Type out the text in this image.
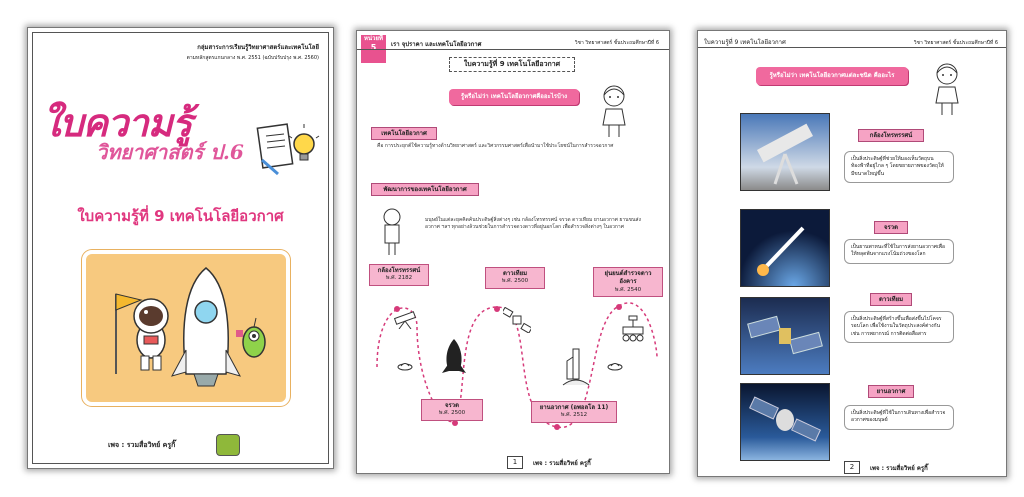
กลุ่มสาระการเรียนรู้วิทยาศาสตร์และเทคโนโลยี
ตามหลักสูตรแกนกลาง พ.ศ. 2551 (ฉบับปรับปรุง พ.ศ. 2560)
ใบความรู้
วิทยาศาสตร์ ป.6
ใบความรู้ที่ 9 เทคโนโลยีอวกาศ
เพจ : รวมสื่อวิทย์ ครูกิ๊
หน่วยที่
5	เรา จุปราคา และเทคโนโลยีอวกาศ	วิชา วิทยาศาสตร์ ชั้นประถมศึกษาปีที่ 6
ใบความรู้ที่ 9 เทคโนโลยีอวกาศ
รู้หรือไม่ว่า เทคโนโลยีอวกาศคืออะไรบ้าง
เทคโนโลยีอวกาศ
คือ การประยุกต์ใช้ความรู้ทางด้านวิทยาศาสตร์ และวิศวกรรมศาสตร์เพื่อนำมาใช้ประโยชน์ในการสำรวจอวกาศ
พัฒนาการของเทคโนโลยีอวกาศ
มนุษย์ในแต่ละยุคคิดค้นประดิษฐ์สิ่งต่างๆ เช่น กล้องโทรทรรศน์ จรวด ดาวเทียม ยานอวกาศ ยานขนส่งอวกาศ ฯลฯ ทุกอย่างล้วนช่วยในการสำรวจดวงดาวที่อยู่นอกโลก เพื่อสำรวจสิ่งต่างๆ ในอวกาศ
กล้องโทรทรรศน์
พ.ศ. 2182
ดาวเทียม
พ.ศ. 2500
ยุ่นยนต์สำรวจดาวอังคาร
พ.ศ. 2540
จรวด
พ.ศ. 2500
ยานอวกาศ (อพอลโล 11)
พ.ศ. 2512
1	เพจ : รวมสื่อวิทย์ ครูกิ๊
ใบความรู้ที่ 9 เทคโนโลยีอวกาศ	วิชา วิทยาศาสตร์ ชั้นประถมศึกษาปีที่ 6
รู้หรือไม่ว่า เทคโนโลยีอวกาศแต่ละชนิด คืออะไร
กล้องโทรทรรศน์
เป็นสิ่งประดิษฐ์ที่ช่วยให้มองเห็นวัตถุบนท้องฟ้าที่อยู่ไกล ๆ โดยขยายภาพของวัตถุให้มีขนาดใหญ่ขึ้น
จรวด
เป็นยานพาหนะที่ใช้ในการส่งยานอวกาศเพื่อให้หลุดพ้นจากแรงโน้มถ่วงของโลก
ดาวเทียม
เป็นสิ่งประดิษฐ์ที่สร้างขึ้นเพื่อส่งขึ้นไปโคจรรอบโลก เพื่อใช้งานในวัตถุประสงค์ต่างกัน เช่น การพยากรณ์ การติดต่อสื่อสาร
ยานอวกาศ
เป็นสิ่งประดิษฐ์ที่ใช้ในการเดินทางเพื่อสำรวจอวกาศของมนุษย์
2	เพจ : รวมสื่อวิทย์ ครูกิ๊
